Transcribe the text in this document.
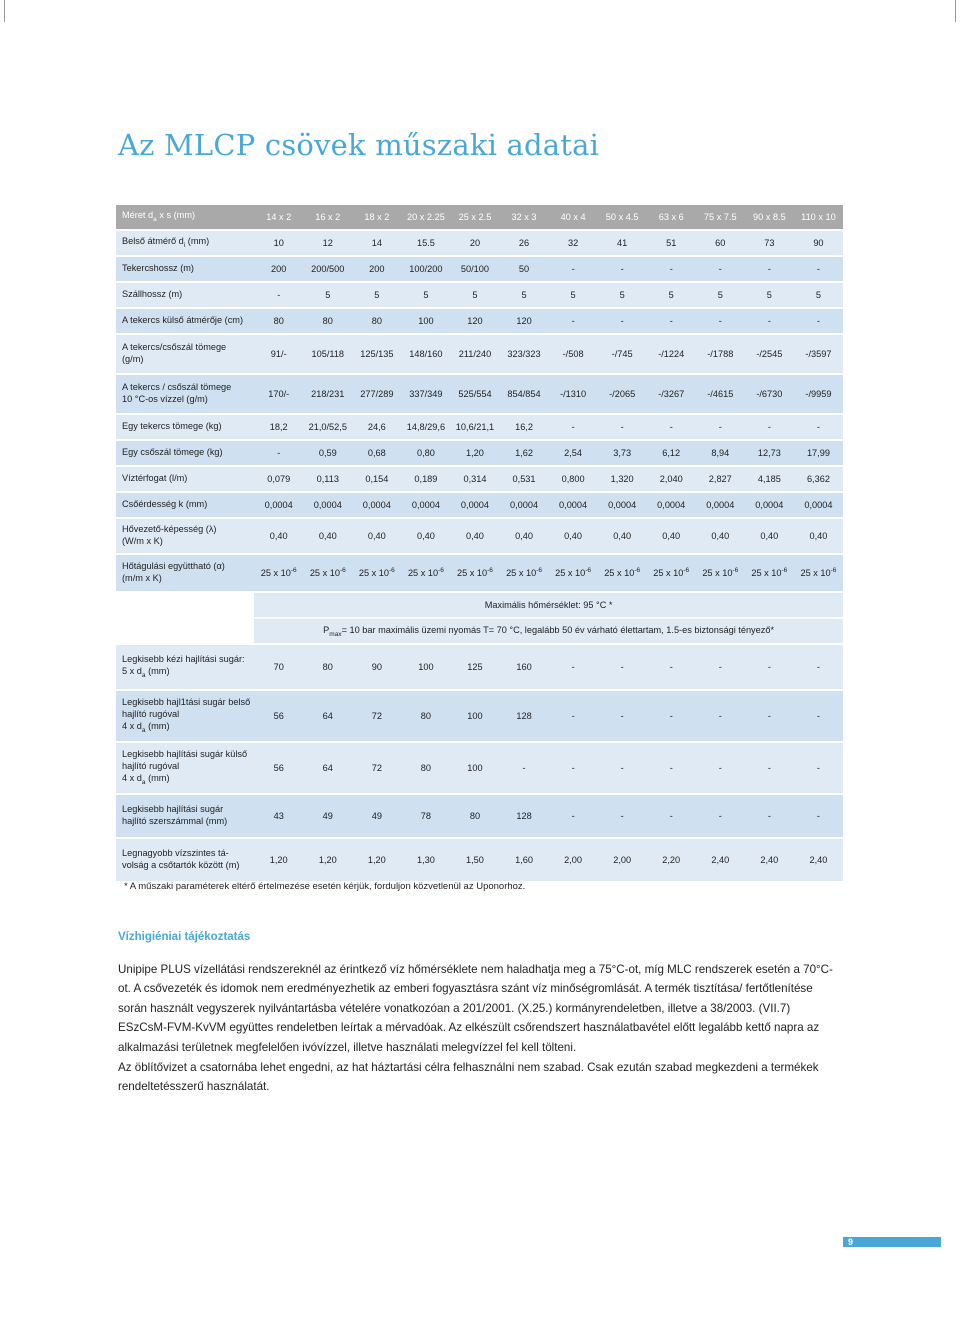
Az MLCP csövek műszaki adatai
Méret $d_a$ x s (mm)	14 x 2	16 x 2	18 x 2	20 x 2.25	25 x 2.5	32 x 3	40 x 4	50 x 4.5	63 x 6	75 x 7.5	90 x 8.5	110 x 10
Belső átmérő $d_i$ (mm)	10	12	14	15.5	20	26	32	41	51	60	73	90
Tekercshossz (m)	200	200/500	200	100/200	50/100	50	-	-	-	-	-	-
Szállhossz (m)	-	5	5	5	5	5	5	5	5	5	5	5
A tekercs külső átmérője (cm)	80	80	80	100	120	120	-	-	-	-	-	-
A tekercs/csőszál tömege
(g/m)	91/-	105/118	125/135	148/160	211/240	323/323	-/508	-/745	-/1224	-/1788	-/2545	-/3597
A tekercs / csőszál tömege
10 °C-os vízzel (g/m)	170/-	218/231	277/289	337/349	525/554	854/854	-/1310	-/2065	-/3267	-/4615	-/6730	-/9959
Egy tekercs tömege (kg)	18,2	21,0/52,5	24,6	14,8/29,6	10,6/21,1	16,2	-	-	-	-	-	-
Egy csőszál tömege (kg)	-	0,59	0,68	0,80	1,20	1,62	2,54	3,73	6,12	8,94	12,73	17,99
Víztérfogat (l/m)	0,079	0,113	0,154	0,189	0,314	0,531	0,800	1,320	2,040	2,827	4,185	6,362
Csőérdesség k (mm)	0,0004	0,0004	0,0004	0,0004	0,0004	0,0004	0,0004	0,0004	0,0004	0,0004	0,0004	0,0004
Hővezető-képesség (λ)
(W/m x K)	0,40	0,40	0,40	0,40	0,40	0,40	0,40	0,40	0,40	0,40	0,40	0,40
Hőtágulási együttható (α)
(m/m x K)	25 x $10^{-6}$	25 x $10^{-6}$	25 x $10^{-6}$	25 x $10^{-6}$	25 x $10^{-6}$	25 x $10^{-6}$	25 x $10^{-6}$	25 x $10^{-6}$	25 x $10^{-6}$	25 x $10^{-6}$	25 x $10^{-6}$	25 x $10^{-6}$
	Maximális hőmérséklet: 95 °C *											
	$P_{max}= 10$ bar maximális üzemi nyomás T= 70 °C, legalább 50 év várható élettartam, 1.5-es biztonsági tényező*											
Legkisebb kézi hajlítási sugár:
5 x $d_a$ (mm)	70	80	90	100	125	160	-	-	-	-	-	-
Legkisebb hajl1tási sugár belső
hajlító rugóval
4 x $d_a$ (mm)	56	64	72	80	100	128	-	-	-	-	-	-
Legkisebb hajlítási sugár külső
hajlító rugóval
4 x $d_a$ (mm)	56	64	72	80	100	-	-	-	-	-	-	-
Legkisebb hajlítási sugár
hajlító szerszámmal (mm)	43	49	49	78	80	128	-	-	-	-	-	-
Legnagyobb vízszintes tá-
volság a csőtartók között (m)	1,20	1,20	1,20	1,30	1,50	1,60	2,00	2,00	2,20	2,40	2,40	2,40

* A műszaki paraméterek eltérő értelmezése esetén kérjük, forduljon közvetlenül az Uponorhoz.

Vízhigiéniai tájékoztatás

Unipipe PLUS vízellátási rendszereknél az érintkező víz hőmérséklete nem haladhatja meg a 75°C-ot, míg MLC rendszerek esetén a 70°C-ot. A csővezeték és idomok nem eredményezhetik az emberi fogyasztásra szánt víz minőségromlását. A termék tisztítása/ fertőtlenítése során használt vegyszerek nyilvántartásba vételére vonatkozóan a 201/2001. (X.25.) kormányrendeletben, illetve a 38/2003. (VII.7) ESzCsM-FVM-KvVM együttes rendeletben leírtak a mérvadóak. Az elkészült csőrendszert használatbavétel előtt legalább kettő napra az alkalmazási területnek megfelelően ivóvízzel, illetve használati melegvízzel fel kell tölteni.

Az öblítővizet a csatornába lehet engedni, az hat háztartási célra felhasználni nem szabad. Csak ezután szabad megkezdeni a termékek rendeltetésszerű használatát.

9
